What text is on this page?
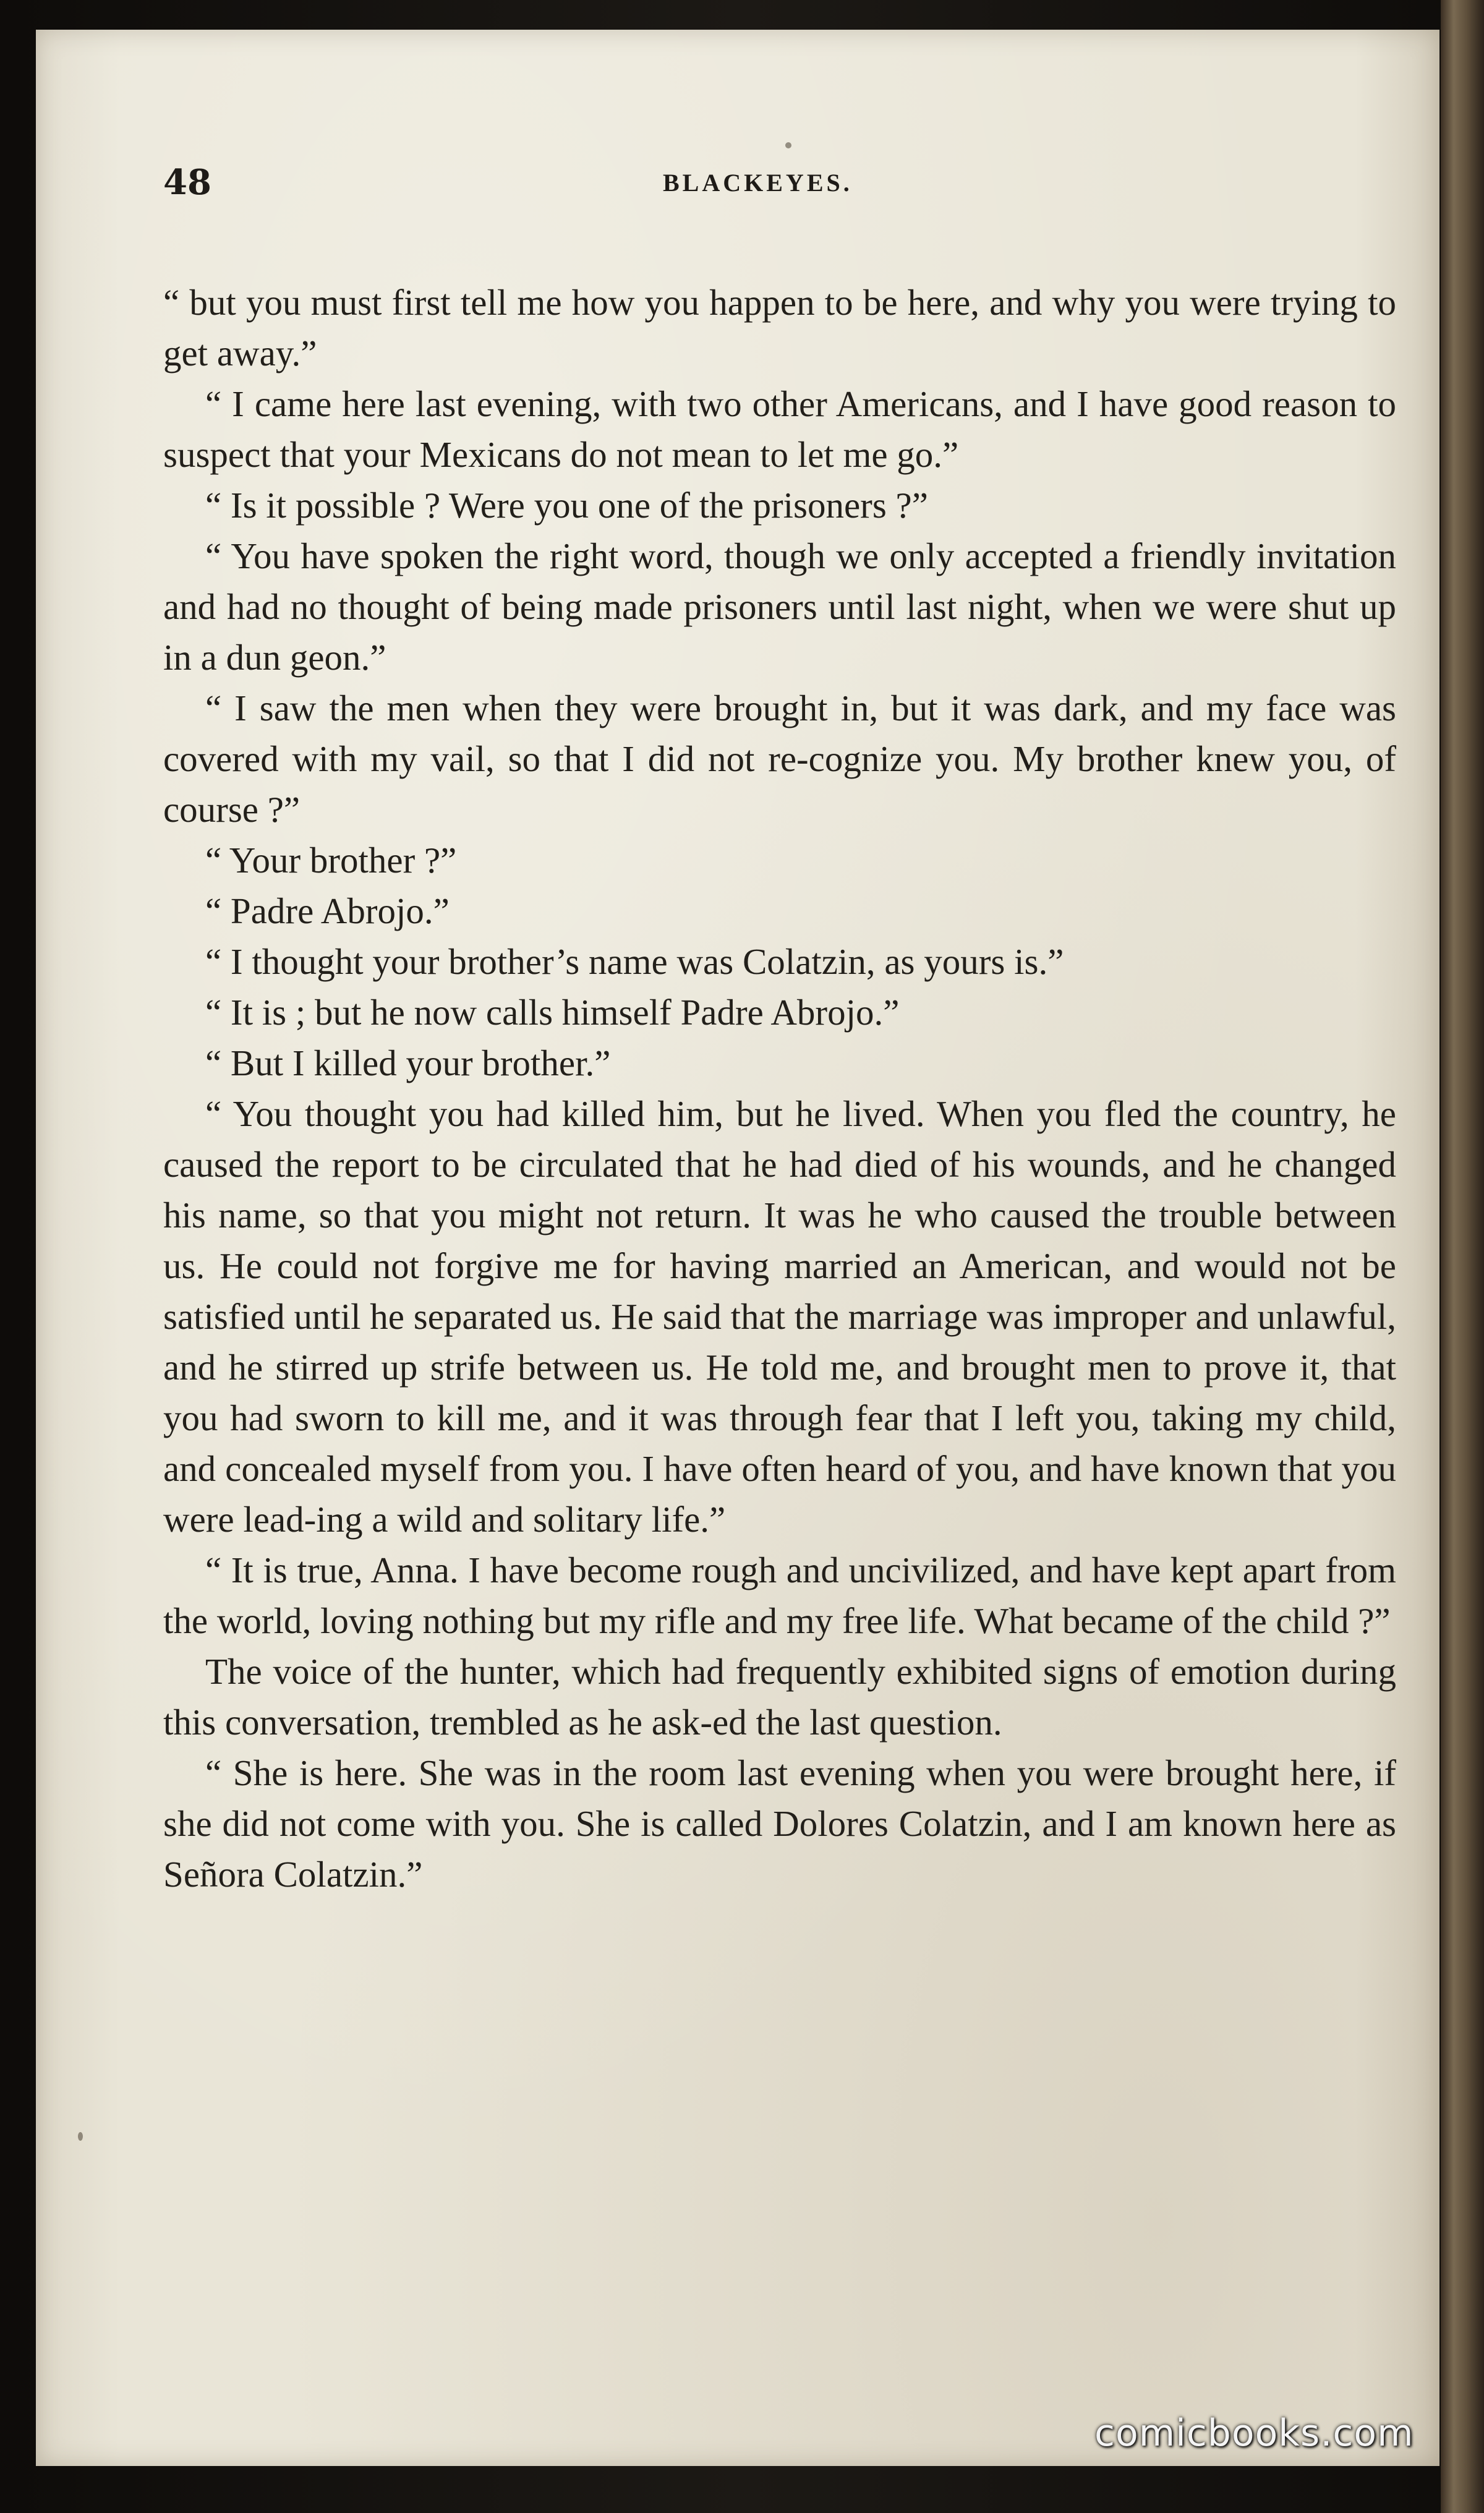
48	BLACKEYES.

“ but you must first tell me how you happen to be here, and why you were trying to get away.”

“ I came here last evening, with two other Americans, and I have good reason to suspect that your Mexicans do not mean to let me go.”

“ Is it possible ? Were you one of the prisoners ?”

“ You have spoken the right word, though we only accepted a friendly invitation and had no thought of being made prisoners until last night, when we were shut up in a dun geon.”

“ I saw the men when they were brought in, but it was dark, and my face was covered with my vail, so that I did not re-cognize you. My brother knew you, of course ?”

“ Your brother ?”

“ Padre Abrojo.”

“ I thought your brother’s name was Colatzin, as yours is.”

“ It is ; but he now calls himself Padre Abrojo.”

“ But I killed your brother.”

“ You thought you had killed him, but he lived. When you fled the country, he caused the report to be circulated that he had died of his wounds, and he changed his name, so that you might not return. It was he who caused the trouble between us. He could not forgive me for having married an American, and would not be satisfied until he separated us. He said that the marriage was improper and unlawful, and he stirred up strife between us. He told me, and brought men to prove it, that you had sworn to kill me, and it was through fear that I left you, taking my child, and concealed myself from you. I have often heard of you, and have known that you were lead-ing a wild and solitary life.”

“ It is true, Anna. I have become rough and uncivilized, and have kept apart from the world, loving nothing but my rifle and my free life. What became of the child ?”

The voice of the hunter, which had frequently exhibited signs of emotion during this conversation, trembled as he ask-ed the last question.

“ She is here. She was in the room last evening when you were brought here, if she did not come with you. She is called Dolores Colatzin, and I am known here as Señora Colatzin.”

comicbooks.com
